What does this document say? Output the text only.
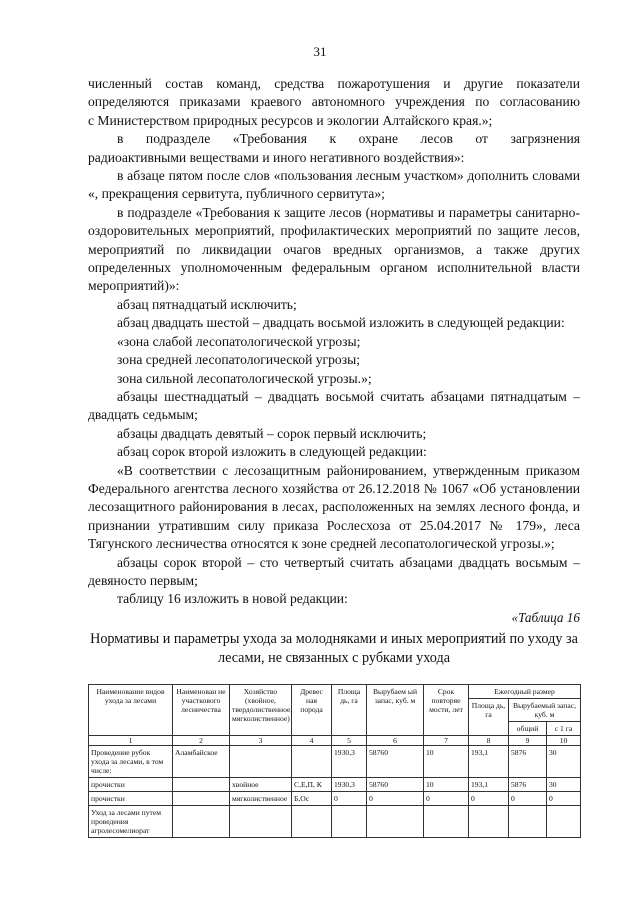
31

численный состав команд, средства пожаротушения и другие показатели

определяются приказами краевого автономного учреждения по согласованию

с Министерством природных ресурсов и экологии Алтайского края.»;

в подразделе «Требования к охране лесов от загрязнения

радиоактивными веществами и иного негативного воздействия»:

в абзаце пятом после слов «пользования лесным участком» дополнить словами «, прекращения сервитута, публичного сервитута»;

в подразделе «Требования к защите лесов (нормативы и параметры санитарно-оздоровительных мероприятий, профилактических мероприятий по защите лесов, мероприятий по ликвидации очагов вредных организмов, а также других определенных уполномоченным федеральным органом исполнительной власти мероприятий)»:

абзац пятнадцатый исключить;

абзац двадцать шестой – двадцать восьмой изложить в следующей редакции:

«зона слабой лесопатологической угрозы;

зона средней лесопатологической угрозы;

зона сильной лесопатологической угрозы.»;

абзацы шестнадцатый – двадцать восьмой считать абзацами пятнадцатым – двадцать седьмым;

абзацы двадцать девятый – сорок первый исключить;

абзац сорок второй изложить в следующей редакции:

«В соответствии с лесозащитным районированием, утвержденным приказом Федерального агентства лесного хозяйства от 26.12.2018 № 1067 «Об установлении лесозащитного районирования в лесах, расположенных на землях лесного фонда, и признании утратившим силу приказа Рослесхоза от 25.04.2017 № 179», леса Тягунского лесничества относятся к зоне средней лесопатологической угрозы.»;

абзацы сорок второй – сто четвертый считать абзацами двадцать восьмым – девяносто первым;

таблицу 16 изложить в новой редакции:

«Таблица 16

Нормативы и параметры ухода за молодняками и иных мероприятий по уходу за лесами, не связанных с рубками ухода

Наименование видов ухода за лесами	Наименован ие участкового лесничества	Хозяйство (хвойное, твердолиственное, мягколиственное)	Древес ная порода	Площа дь, га	Вырубаем ый запас, куб. м	Срок повторяе мости, лет	Ежегодный размер		
							Площа дь, га	Вырубаемый запас, куб. м	
								общий	с 1 га
1	2	3	4	5	6	7	8	9	10
Проведение рубок ухода за лесами, в том числе:	Аламбайское			1930,3	58760	10	193,1	5876	30
прочистки		хвойное	С,Е,П, К	1930,3	58760	10	193,1	5876	30
прочистки		мягколиственное	Б,Ос	0	0	0	0	0	0
Уход за лесами путем проведения агролесомелиорат									
